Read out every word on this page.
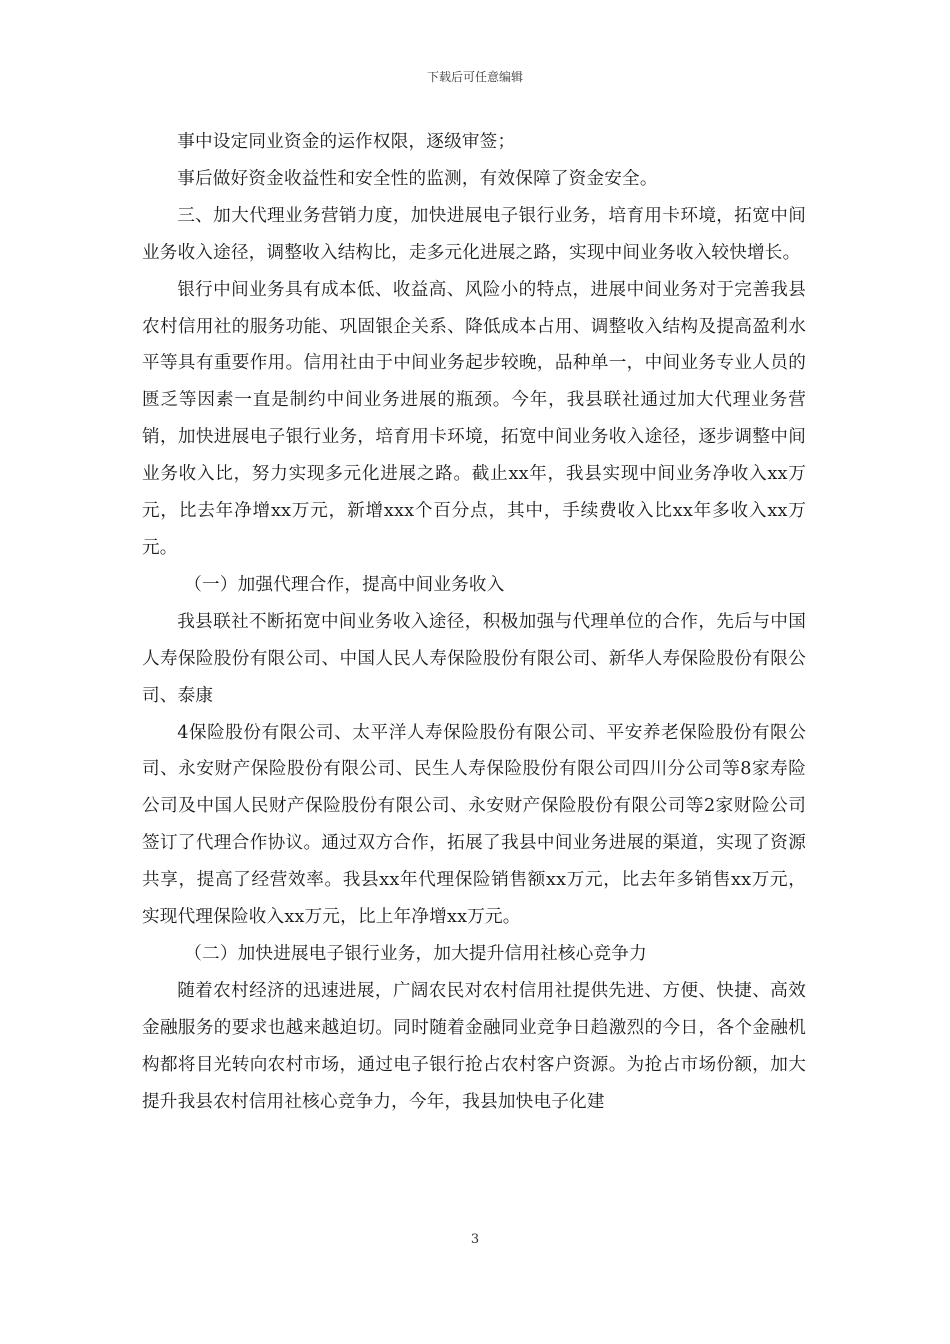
下载后可任意编辑

事中设定同业资金的运作权限，逐级审签；

事后做好资金收益性和安全性的监测，有效保障了资金安全。

三、加大代理业务营销力度，加快进展电子银行业务，培育用卡环境，拓宽中间业务收入途径，调整收入结构比，走多元化进展之路，实现中间业务收入较快增长。

银行中间业务具有成本低、收益高、风险小的特点，进展中间业务对于完善我县农村信用社的服务功能、巩固银企关系、降低成本占用、调整收入结构及提高盈利水平等具有重要作用。信用社由于中间业务起步较晚，品种单一，中间业务专业人员的匮乏等因素一直是制约中间业务进展的瓶颈。今年，我县联社通过加大代理业务营销，加快进展电子银行业务，培育用卡环境，拓宽中间业务收入途径，逐步调整中间业务收入比，努力实现多元化进展之路。截止xx年，我县实现中间业务净收入xx万元，比去年净增xx万元，新增xxx个百分点，其中，手续费收入比xx年多收入xx万元。

（一）加强代理合作，提高中间业务收入

我县联社不断拓宽中间业务收入途径，积极加强与代理单位的合作，先后与中国人寿保险股份有限公司、中国人民人寿保险股份有限公司、新华人寿保险股份有限公司、泰康

4保险股份有限公司、太平洋人寿保险股份有限公司、平安养老保险股份有限公司、永安财产保险股份有限公司、民生人寿保险股份有限公司四川分公司等8家寿险公司及中国人民财产保险股份有限公司、永安财产保险股份有限公司等2家财险公司签订了代理合作协议。通过双方合作，拓展了我县中间业务进展的渠道，实现了资源共享，提高了经营效率。我县xx年代理保险销售额xx万元，比去年多销售xx万元，实现代理保险收入xx万元，比上年净增xx万元。

（二）加快进展电子银行业务，加大提升信用社核心竞争力

随着农村经济的迅速进展，广阔农民对农村信用社提供先进、方便、快捷、高效金融服务的要求也越来越迫切。同时随着金融同业竞争日趋激烈的今日，各个金融机构都将目光转向农村市场，通过电子银行抢占农村客户资源。为抢占市场份额，加大提升我县农村信用社核心竞争力，今年，我县加快电子化建

3
